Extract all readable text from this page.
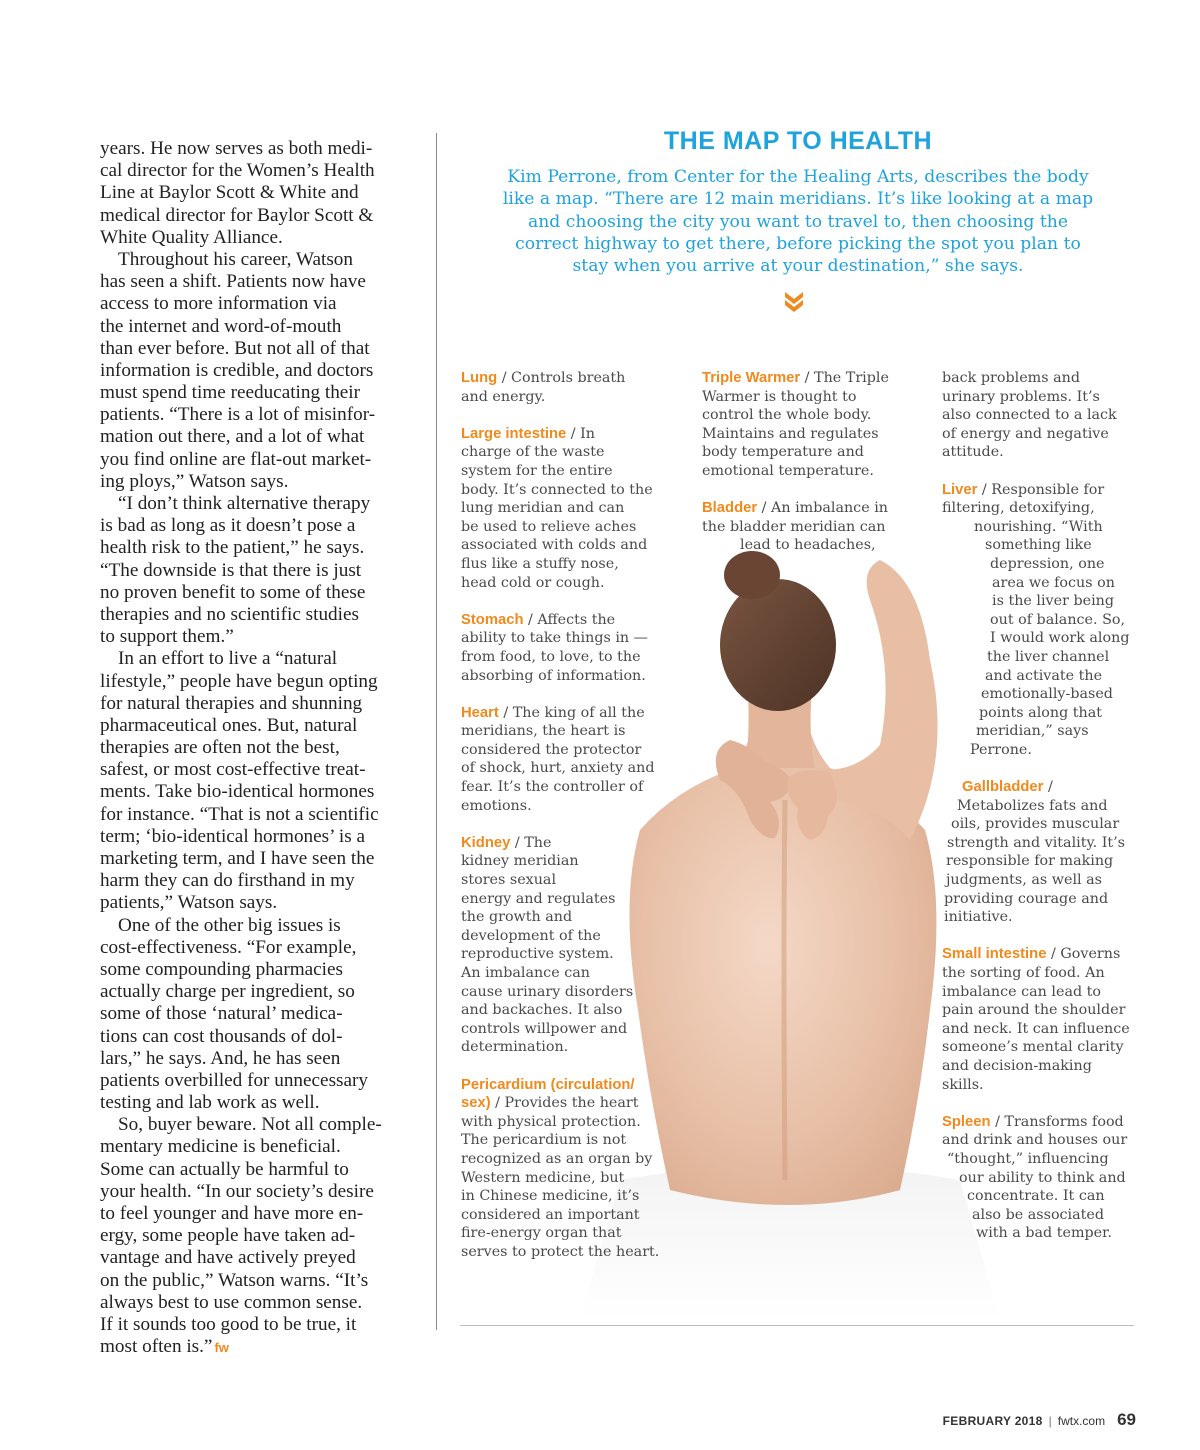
years. He now serves as both medi-
cal director for the Women’s Health
Line at Baylor Scott & White and
medical director for Baylor Scott &
White Quality Alliance.
Throughout his career, Watson
has seen a shift. Patients now have
access to more information via
the internet and word-of-mouth
than ever before. But not all of that
information is credible, and doctors
must spend time reeducating their
patients. “There is a lot of misinfor-
mation out there, and a lot of what
you find online are flat-out market-
ing ploys,” Watson says.
“I don’t think alternative therapy
is bad as long as it doesn’t pose a
health risk to the patient,” he says.
“The downside is that there is just
no proven benefit to some of these
therapies and no scientific studies
to support them.”
In an effort to live a “natural
lifestyle,” people have begun opting
for natural therapies and shunning
pharmaceutical ones. But, natural
therapies are often not the best,
safest, or most cost-effective treat-
ments. Take bio-identical hormones
for instance. “That is not a scientific
term; ‘bio-identical hormones’ is a
marketing term, and I have seen the
harm they can do firsthand in my
patients,” Watson says.
One of the other big issues is
cost-effectiveness. “For example,
some compounding pharmacies
actually charge per ingredient, so
some of those ‘natural’ medica-
tions can cost thousands of dol-
lars,” he says. And, he has seen
patients overbilled for unnecessary
testing and lab work as well.
So, buyer beware. Not all comple-
mentary medicine is beneficial.
Some can actually be harmful to
your health. “In our society’s desire
to feel younger and have more en-
ergy, some people have taken ad-
vantage and have actively preyed
on the public,” Watson warns. “It’s
always best to use common sense.
If it sounds too good to be true, it
most often is.” fw
THE MAP TO HEALTH
Kim Perrone, from Center for the Healing Arts, describes the body
like a map. “There are 12 main meridians. It’s like looking at a map
and choosing the city you want to travel to, then choosing the
correct highway to get there, before picking the spot you plan to
stay when you arrive at your destination,” she says.
Lung / Controls breath
and energy.
Large intestine / In
charge of the waste
system for the entire
body. It’s connected to the
lung meridian and can
be used to relieve aches
associated with colds and
flus like a stuffy nose,
head cold or cough.
Stomach / Affects the
ability to take things in —
from food, to love, to the
absorbing of information.
Heart / The king of all the
meridians, the heart is
considered the protector
of shock, hurt, anxiety and
fear. It’s the controller of
emotions.
Kidney / The
kidney meridian
stores sexual
energy and regulates
the growth and
development of the
reproductive system.
An imbalance can
cause urinary disorders
and backaches. It also
controls willpower and
determination.
Pericardium (circulation/
sex) / Provides the heart
with physical protection.
The pericardium is not
recognized as an organ by
Western medicine, but
in Chinese medicine, it’s
considered an important
fire-energy organ that
serves to protect the heart.
Triple Warmer / The Triple
Warmer is thought to
control the whole body.
Maintains and regulates
body temperature and
emotional temperature.
Bladder / An imbalance in
the bladder meridian can
lead to headaches,
back problems and
urinary problems. It’s
also connected to a lack
of energy and negative
attitude.
Liver / Responsible for
filtering, detoxifying,
nourishing. “With
something like
depression, one
area we focus on
is the liver being
out of balance. So,
I would work along
the liver channel
and activate the
emotionally-based
points along that
meridian,” says
Perrone.
Gallbladder /
Metabolizes fats and
oils, provides muscular
strength and vitality. It’s
responsible for making
judgments, as well as
providing courage and
initiative.
Small intestine / Governs
the sorting of food. An
imbalance can lead to
pain around the shoulder
and neck. It can influence
someone’s mental clarity
and decision-making
skills.
Spleen / Transforms food
and drink and houses our
“thought,” influencing
our ability to think and
concentrate. It can
also be associated
with a bad temper.
FEBRUARY 2018 | fwtx.com 69
